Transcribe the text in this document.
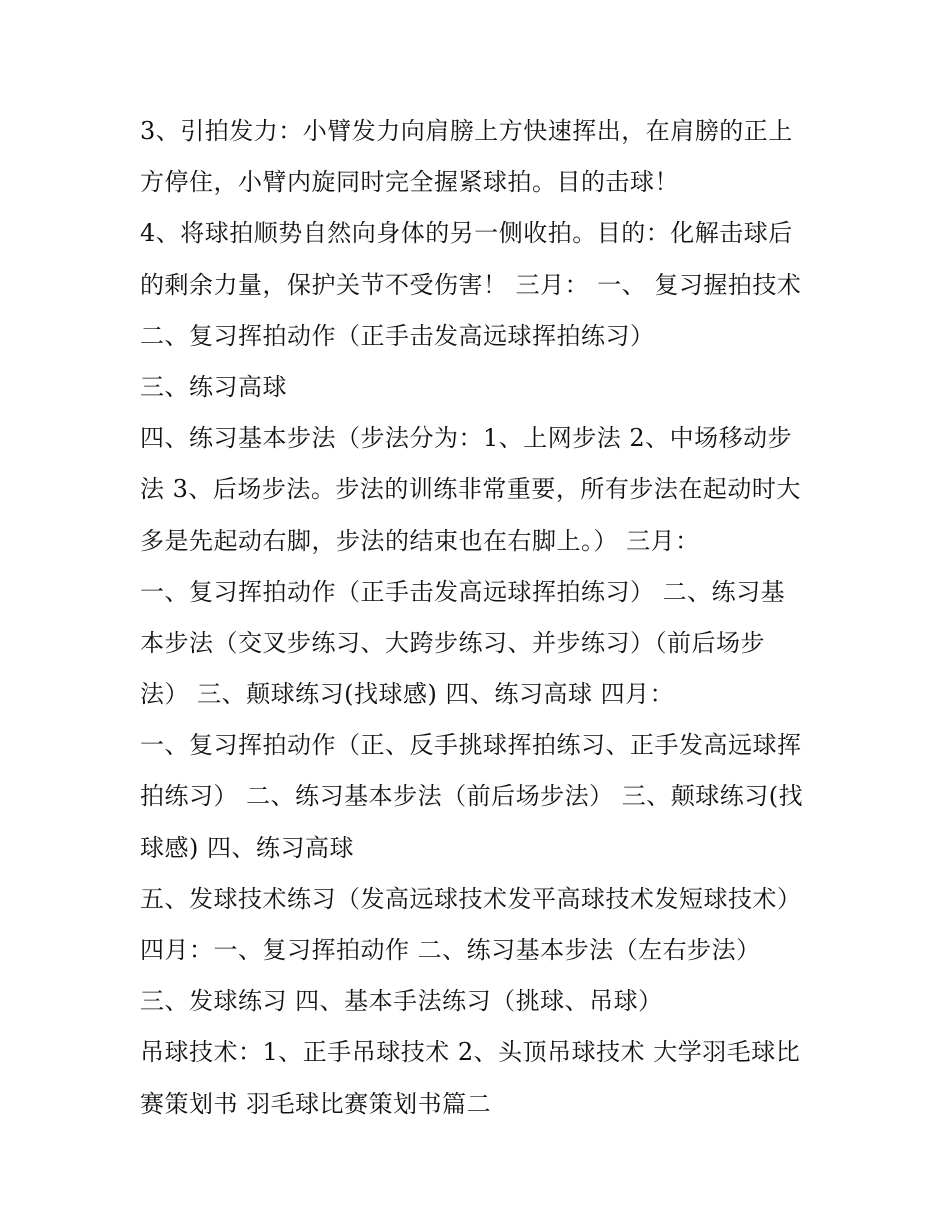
3、引拍发力：小臂发力向肩膀上方快速挥出，在肩膀的正上
方停住，小臂内旋同时完全握紧球拍。目的击球！
4、将球拍顺势自然向身体的另一侧收拍。目的：化解击球后
的剩余力量，保护关节不受伤害！ 三月： 一、 复习握拍技术
二、复习挥拍动作（正手击发高远球挥拍练习）
三、练习高球
四、练习基本步法（步法分为：1、上网步法 2、中场移动步
法 3、后场步法。步法的训练非常重要，所有步法在起动时大
多是先起动右脚，步法的结束也在右脚上。） 三月：
一、复习挥拍动作（正手击发高远球挥拍练习） 二、练习基
本步法（交叉步练习、大跨步练习、并步练习）（前后场步
法） 三、颠球练习(找球感) 四、练习高球 四月：
一、复习挥拍动作（正、反手挑球挥拍练习、正手发高远球挥
拍练习） 二、练习基本步法（前后场步法） 三、颠球练习(找
球感) 四、练习高球
五、发球技术练习（发高远球技术发平高球技术发短球技术）
四月：一、复习挥拍动作 二、练习基本步法（左右步法）
三、发球练习 四、基本手法练习（挑球、吊球）
吊球技术：1、正手吊球技术 2、头顶吊球技术 大学羽毛球比
赛策划书 羽毛球比赛策划书篇二
